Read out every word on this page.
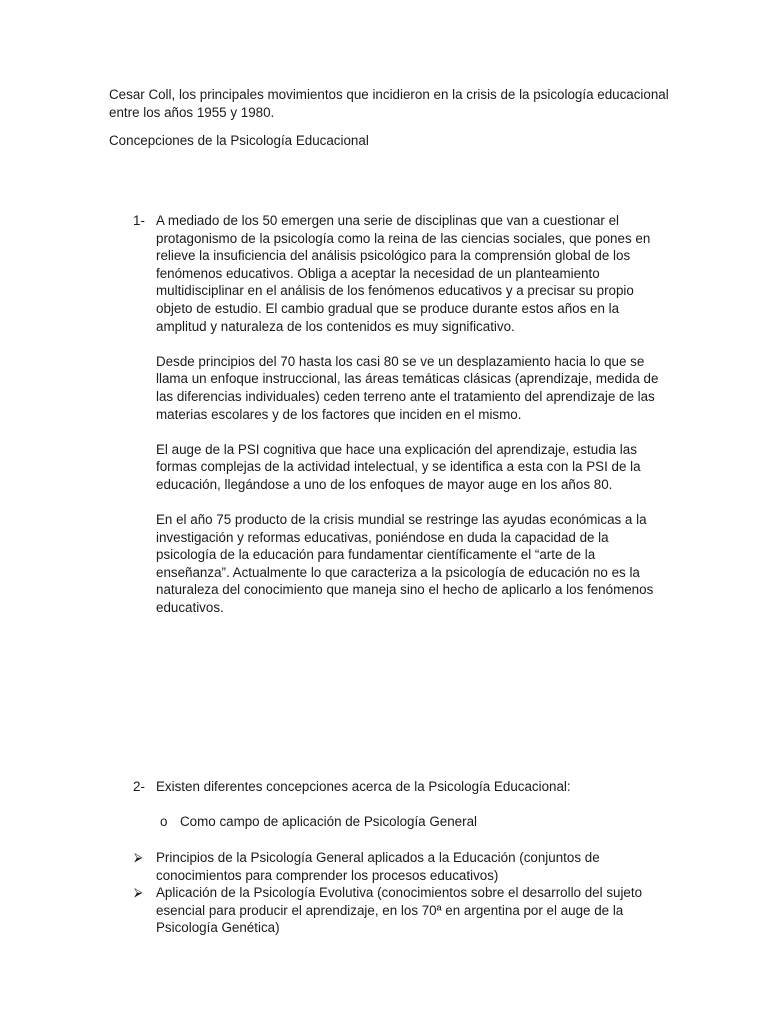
Cesar Coll, los principales movimientos que incidieron en la crisis de la psicología educacional
entre los años 1955 y 1980.
Concepciones de la Psicología Educacional
1- A mediado de los 50 emergen una serie de disciplinas que van a cuestionar el protagonismo de la psicología como la reina de las ciencias sociales, que pones en relieve la insuficiencia del análisis psicológico para la comprensión global de los fenómenos educativos. Obliga a aceptar la necesidad de un planteamiento multidisciplinar en el análisis de los fenómenos educativos y a precisar su propio objeto de estudio. El cambio gradual que se produce durante estos años en la amplitud y naturaleza de los contenidos es muy significativo.

Desde principios del 70 hasta los casi 80 se ve un desplazamiento hacia lo que se llama un enfoque instruccional, las áreas temáticas clásicas (aprendizaje, medida de las diferencias individuales) ceden terreno ante el tratamiento del aprendizaje de las materias escolares y de los factores que inciden en el mismo.

El auge de la PSI cognitiva que hace una explicación del aprendizaje, estudia las formas complejas de la actividad intelectual, y se identifica a esta con la PSI de la educación, llegándose a uno de los enfoques de mayor auge en los años 80.

En el año 75 producto de la crisis mundial se restringe las ayudas económicas a la investigación y reformas educativas, poniéndose en duda la capacidad de la psicología de la educación para fundamentar científicamente el “arte de la enseñanza”. Actualmente lo que caracteriza a la psicología de educación no es la naturaleza del conocimiento que maneja sino el hecho de aplicarlo a los fenómenos educativos.

2- Existen diferentes concepciones acerca de la Psicología Educacional:
o Como campo de aplicación de Psicología General
⮚ Principios de la Psicología General aplicados a la Educación (conjuntos de conocimientos para comprender los procesos educativos)
⮚ Aplicación de la Psicología Evolutiva (conocimientos sobre el desarrollo del sujeto esencial para producir el aprendizaje, en los 70ª en argentina por el auge de la Psicología Genética)
